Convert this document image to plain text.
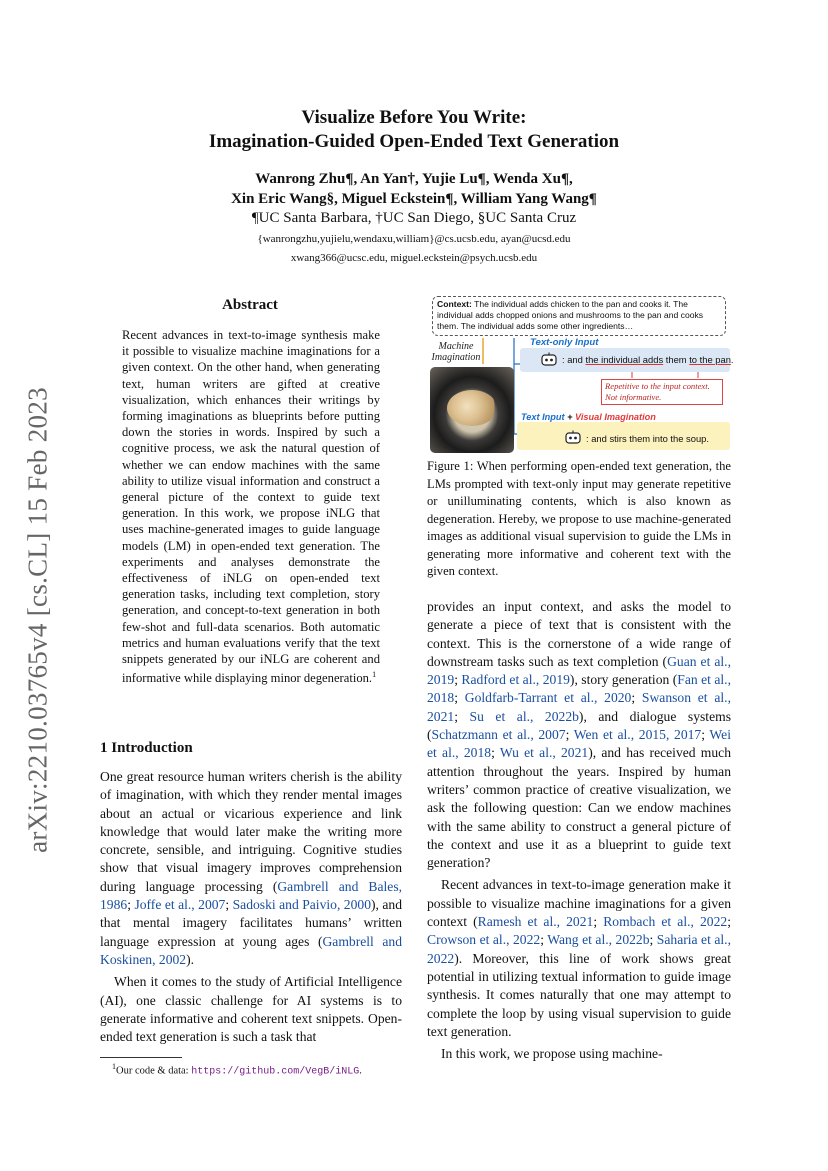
arXiv:2210.03765v4 [cs.CL] 15 Feb 2023
Visualize Before You Write:
Imagination-Guided Open-Ended Text Generation
Wanrong Zhu¶, An Yan†, Yujie Lu¶, Wenda Xu¶,
Xin Eric Wang§, Miguel Eckstein¶, William Yang Wang¶
¶UC Santa Barbara, †UC San Diego, §UC Santa Cruz
{wanrongzhu,yujielu,wendaxu,william}@cs.ucsb.edu, ayan@ucsd.edu
xwang366@ucsc.edu, miguel.eckstein@psych.ucsb.edu
Abstract
Recent advances in text-to-image synthesis make it possible to visualize machine imaginations for a given context. On the other hand, when generating text, human writers are gifted at creative visualization, which enhances their writings by forming imaginations as blueprints before putting down the stories in words. Inspired by such a cognitive process, we ask the natural question of whether we can endow machines with the same ability to utilize visual information and construct a general picture of the context to guide text generation. In this work, we propose iNLG that uses machine-generated images to guide language models (LM) in open-ended text generation. The experiments and analyses demonstrate the effectiveness of iNLG on open-ended text generation tasks, including text completion, story generation, and concept-to-text generation in both few-shot and full-data scenarios. Both automatic metrics and human evaluations verify that the text snippets generated by our iNLG are coherent and informative while displaying minor degeneration.$^1$
1 Introduction

One great resource human writers cherish is the ability of imagination, with which they render mental images about an actual or vicarious experience and link knowledge that would later make the writing more concrete, sensible, and intriguing. Cognitive studies show that visual imagery improves comprehension during language processing (Gambrell and Bales, 1986; Joffe et al., 2007; Sadoski and Paivio, 2000), and that mental imagery facilitates humans’ written language expression at young ages (Gambrell and Koskinen, 2002).

When it comes to the study of Artificial Intelligence (AI), one classic challenge for AI systems is to generate informative and coherent text snippets. Open-ended text generation is such a task that

$^1$Our code & data: https://github.com/VegB/iNLG.
Context: The individual adds chicken to the pan and cooks it. The individual adds chopped onions and mushrooms to the pan and cooks them. The individual adds some other ingredients…
Machine Imagination
Text-only Input
: and the individual adds them to the pan.
Repetitive to the input context. Not informative.
Text Input + Visual Imagination
: and stirs them into the soup.
Figure 1: When performing open-ended text generation, the LMs prompted with text-only input may generate repetitive or unilluminating contents, which is also known as degeneration. Hereby, we propose to use machine-generated images as additional visual supervision to guide the LMs in generating more informative and coherent text with the given context.

provides an input context, and asks the model to generate a piece of text that is consistent with the context. This is the cornerstone of a wide range of downstream tasks such as text completion (Guan et al., 2019; Radford et al., 2019), story generation (Fan et al., 2018; Goldfarb-Tarrant et al., 2020; Swanson et al., 2021; Su et al., 2022b), and dialogue systems (Schatzmann et al., 2007; Wen et al., 2015, 2017; Wei et al., 2018; Wu et al., 2021), and has received much attention throughout the years. Inspired by human writers’ common practice of creative visualization, we ask the following question: Can we endow machines with the same ability to construct a general picture of the context and use it as a blueprint to guide text generation?

Recent advances in text-to-image generation make it possible to visualize machine imaginations for a given context (Ramesh et al., 2021; Rombach et al., 2022; Crowson et al., 2022; Wang et al., 2022b; Saharia et al., 2022). Moreover, this line of work shows great potential in utilizing textual information to guide image synthesis. It comes naturally that one may attempt to complete the loop by using visual supervision to guide text generation.

In this work, we propose using machine-
